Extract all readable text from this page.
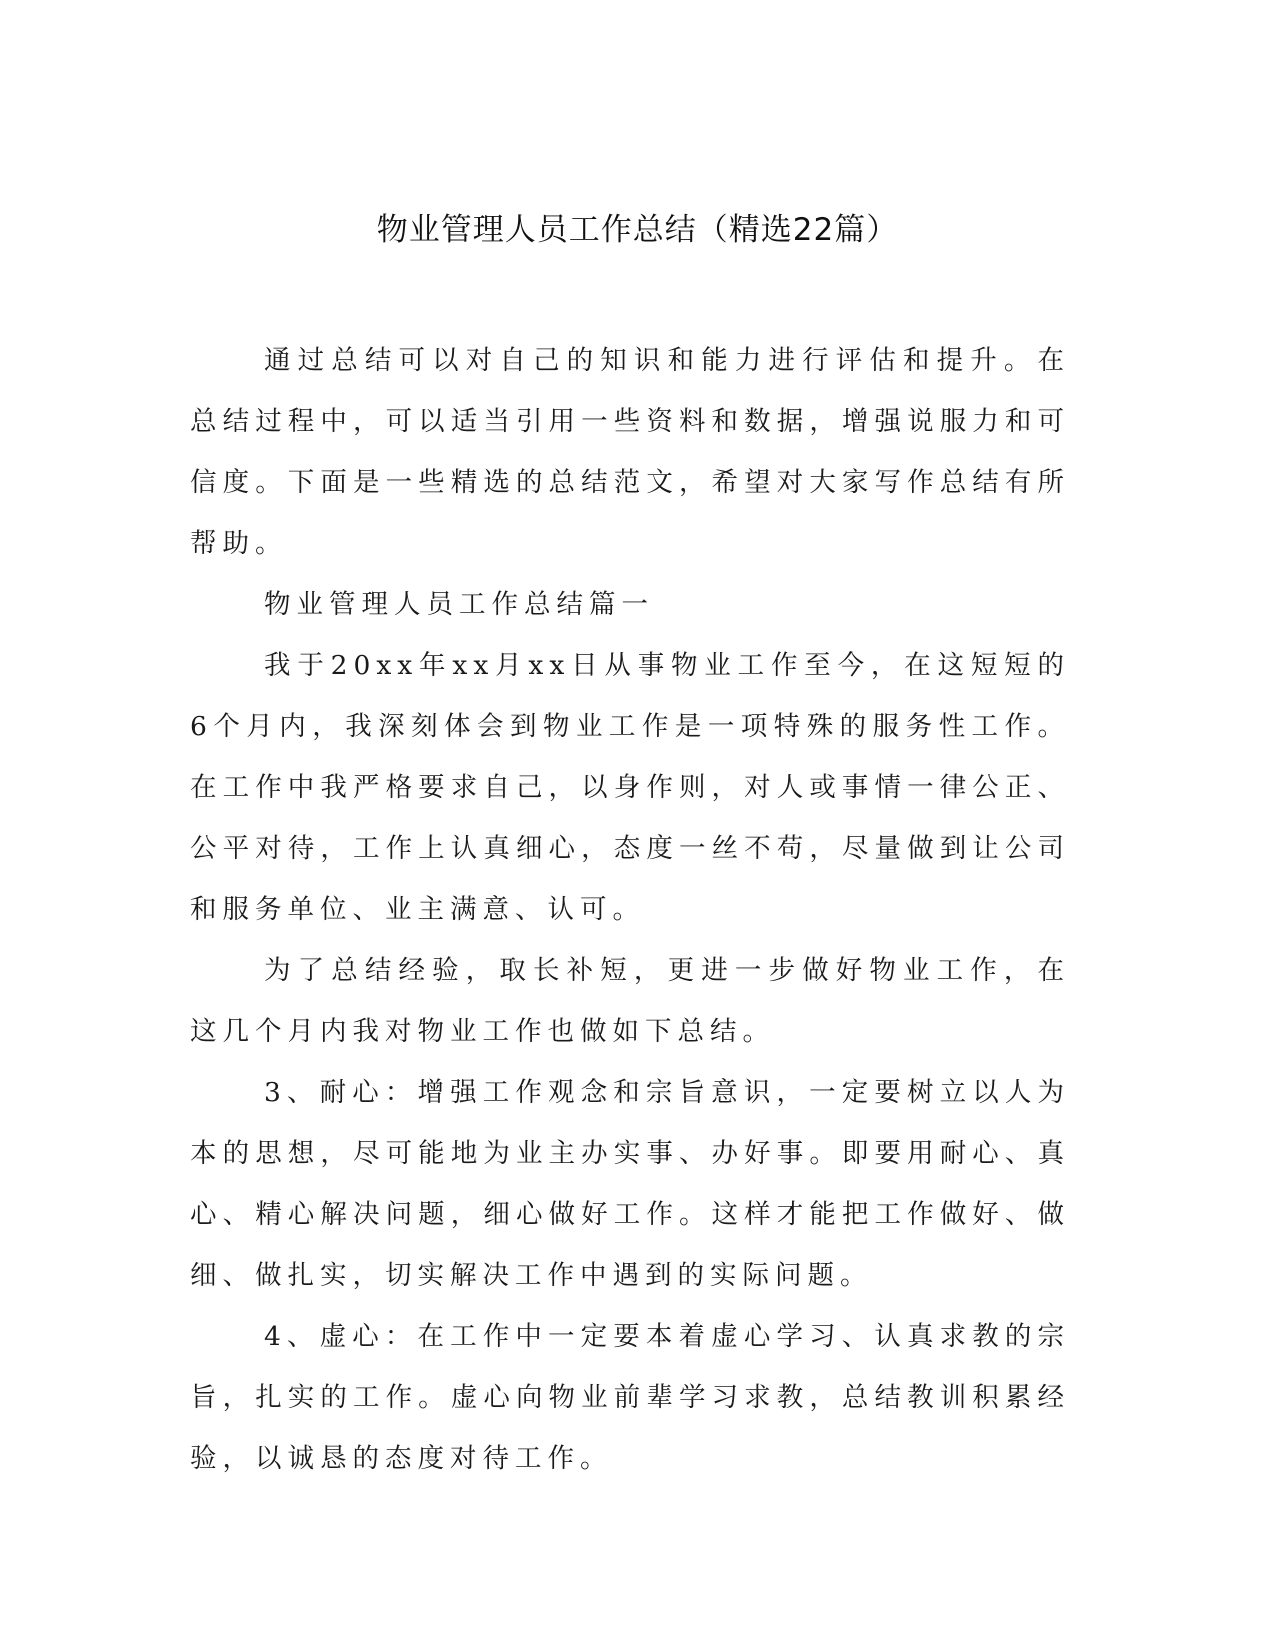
物业管理人员工作总结（精选22篇）

通过总结可以对自己的知识和能力进行评估和提升。在总结过程中，可以适当引用一些资料和数据，增强说服力和可信度。下面是一些精选的总结范文，希望对大家写作总结有所帮助。

物业管理人员工作总结篇一

我于20xx年xx月xx日从事物业工作至今，在这短短的6个月内，我深刻体会到物业工作是一项特殊的服务性工作。在工作中我严格要求自己，以身作则，对人或事情一律公正、公平对待，工作上认真细心，态度一丝不苟，尽量做到让公司和服务单位、业主满意、认可。

为了总结经验，取长补短，更进一步做好物业工作，在这几个月内我对物业工作也做如下总结。

3、耐心：增强工作观念和宗旨意识，一定要树立以人为本的思想，尽可能地为业主办实事、办好事。即要用耐心、真心、精心解决问题，细心做好工作。这样才能把工作做好、做细、做扎实，切实解决工作中遇到的实际问题。

4、虚心：在工作中一定要本着虚心学习、认真求教的宗旨，扎实的工作。虚心向物业前辈学习求教，总结教训积累经验，以诚恳的态度对待工作。
